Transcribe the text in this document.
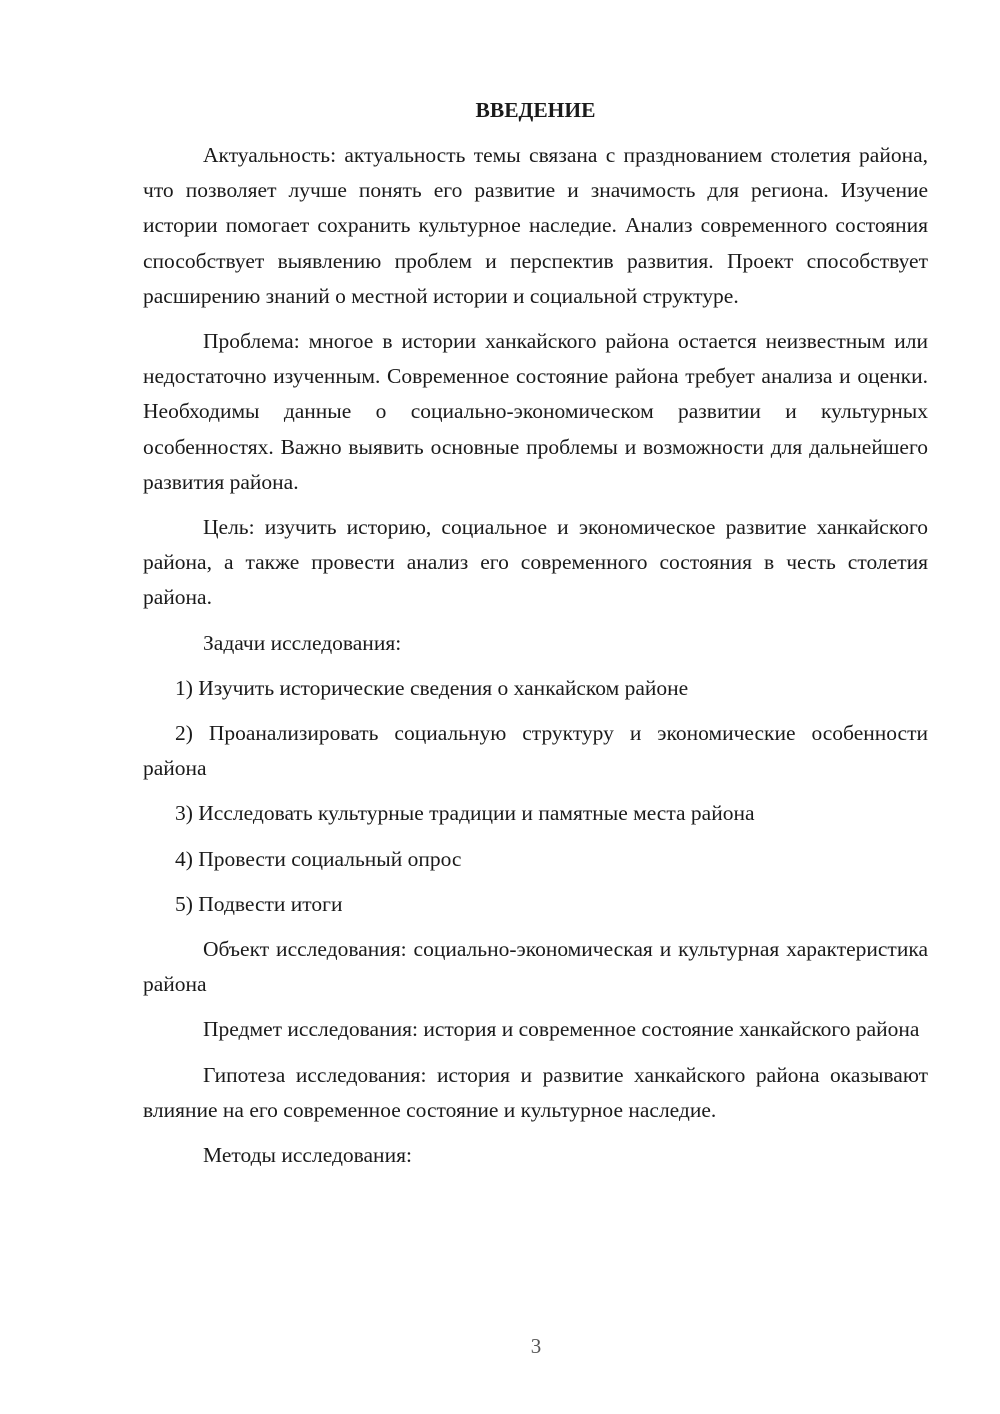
ВВЕДЕНИЕ

Актуальность: актуальность темы связана с празднованием столетия района, что позволяет лучше понять его развитие и значимость для региона. Изучение истории помогает сохранить культурное наследие. Анализ современного состояния способствует выявлению проблем и перспектив развития. Проект способствует расширению знаний о местной истории и социальной структуре.

Проблема: многое в истории ханкайского района остается неизвестным или недостаточно изученным. Современное состояние района требует анализа и оценки. Необходимы данные о социально-экономическом развитии и культурных особенностях. Важно выявить основные проблемы и возможности для дальнейшего развития района.

Цель: изучить историю, социальное и экономическое развитие ханкайского района, а также провести анализ его современного состояния в честь столетия района.

Задачи исследования:

1) Изучить исторические сведения о ханкайском районе

2) Проанализировать социальную структуру и экономические особенности района

3) Исследовать культурные традиции и памятные места района

4) Провести социальный опрос

5) Подвести итоги

Объект исследования: социально-экономическая и культурная характеристика района

Предмет исследования: история и современное состояние ханкайского района

Гипотеза исследования: история и развитие ханкайского района оказывают влияние на его современное состояние и культурное наследие.

Методы исследования:

3
